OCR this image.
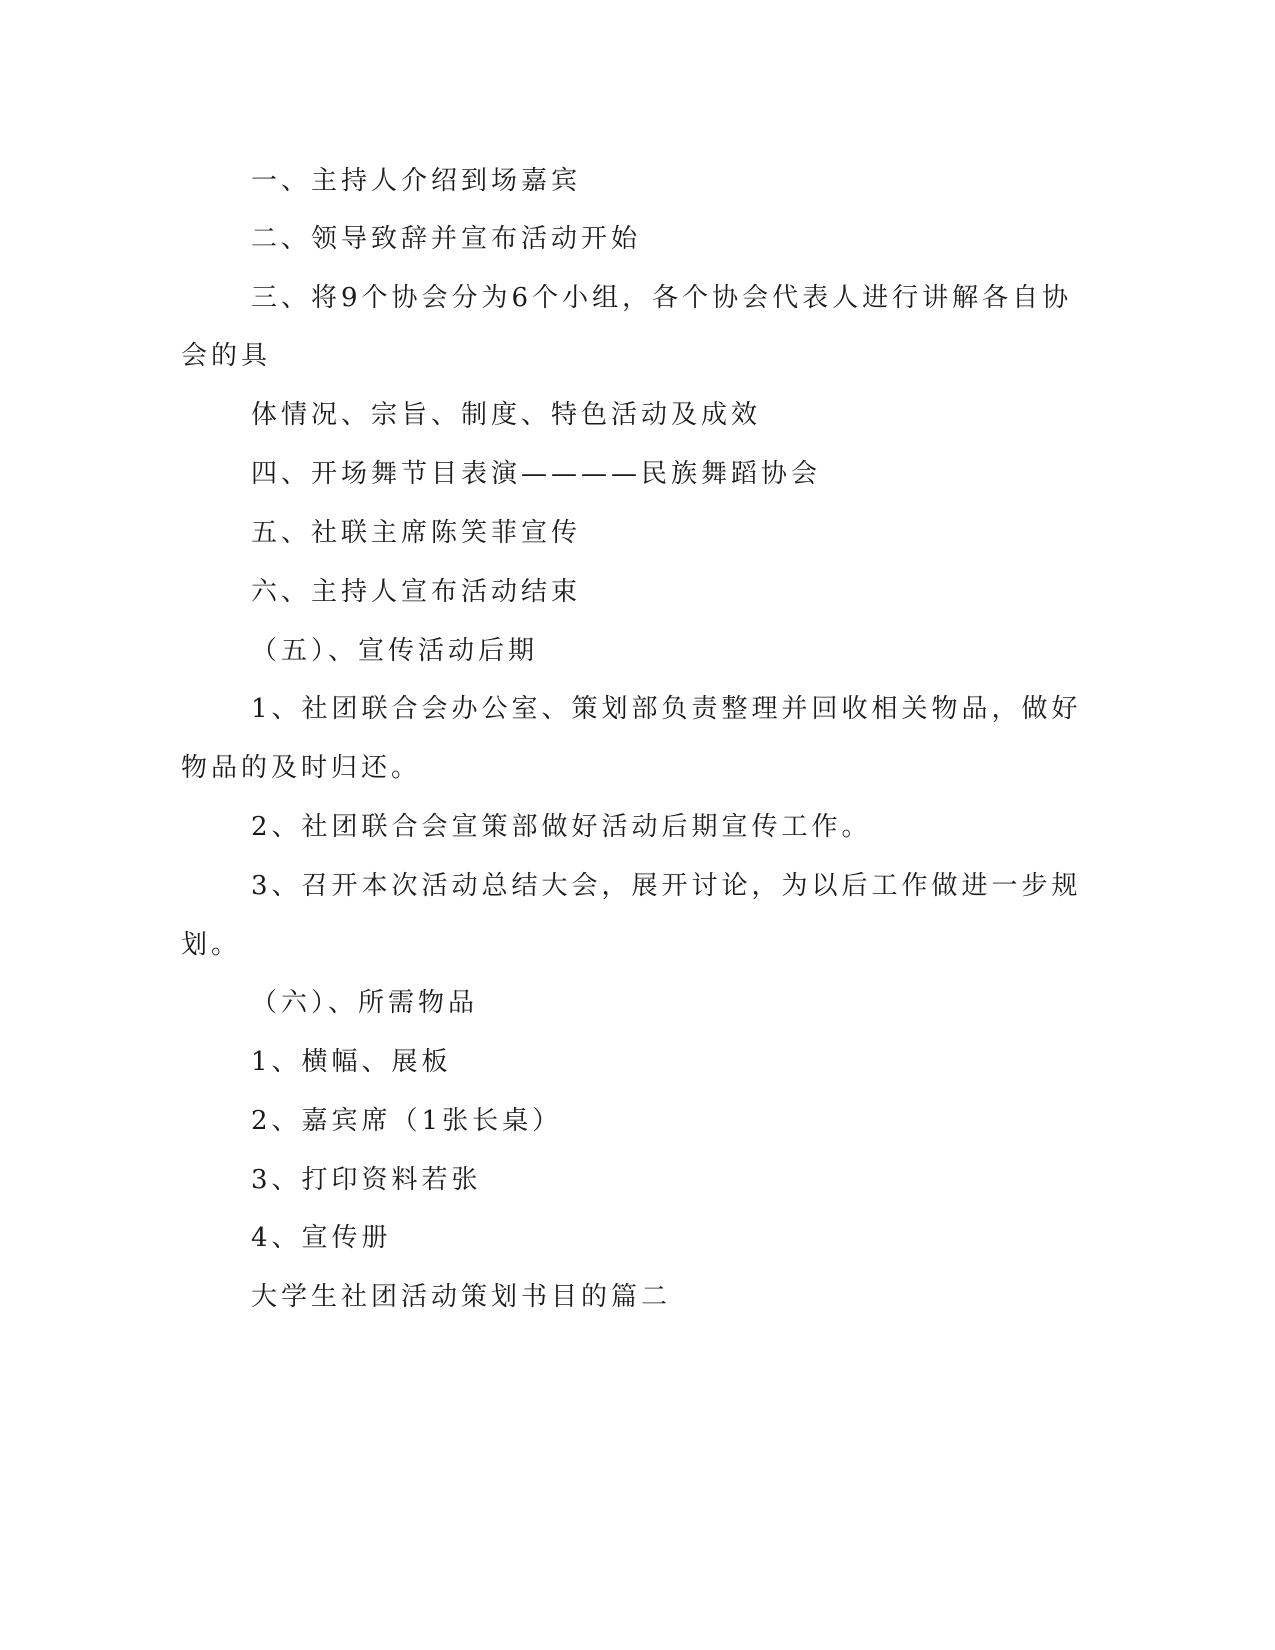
一、主持人介绍到场嘉宾
二、领导致辞并宣布活动开始
三、将9个协会分为6个小组，各个协会代表人进行讲解各自协
会的具
体情况、宗旨、制度、特色活动及成效
四、开场舞节目表演————民族舞蹈协会
五、社联主席陈笑菲宣传
六、主持人宣布活动结束
（五）、宣传活动后期
1、社团联合会办公室、策划部负责整理并回收相关物品，做好
物品的及时归还。
2、社团联合会宣策部做好活动后期宣传工作。
3、召开本次活动总结大会，展开讨论，为以后工作做进一步规
划。
（六）、所需物品
1、横幅、展板
2、嘉宾席（1张长桌）
3、打印资料若张
4、宣传册
大学生社团活动策划书目的篇二
